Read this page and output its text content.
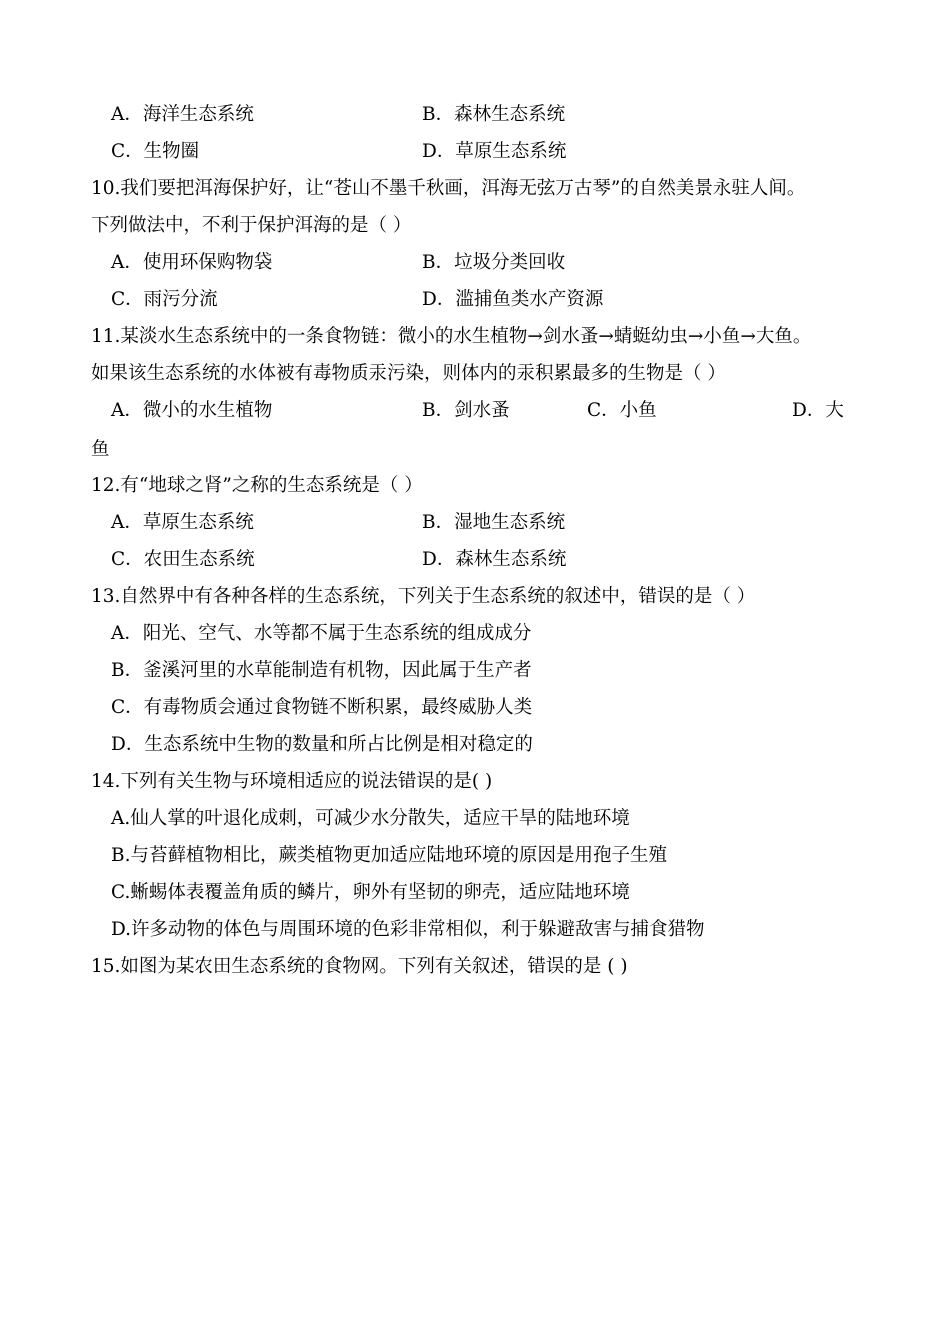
A．海洋生态系统	B．森林生态系统
C．生物圈	D．草原生态系统
10.我们要把洱海保护好，让“苍山不墨千秋画，洱海无弦万古琴”的自然美景永驻人间。
下列做法中，不利于保护洱海的是（ ）
A．使用环保购物袋	B．垃圾分类回收
C．雨污分流	D．滥捕鱼类水产资源
11.某淡水生态系统中的一条食物链：微小的水生植物→剑水蚤→蜻蜓幼虫→小鱼→大鱼。
如果该生态系统的水体被有毒物质汞污染，则体内的汞积累最多的生物是（ ）
A．微小的水生植物	B．剑水蚤	C．小鱼	D．大
鱼
12.有“地球之肾”之称的生态系统是（ ）
A．草原生态系统	B．湿地生态系统
C．农田生态系统	D．森林生态系统
13.自然界中有各种各样的生态系统，下列关于生态系统的叙述中，错误的是（ ）
A．阳光、空气、水等都不属于生态系统的组成成分
B．釜溪河里的水草能制造有机物，因此属于生产者
C．有毒物质会通过食物链不断积累，最终威胁人类
D．生态系统中生物的数量和所占比例是相对稳定的
14.下列有关生物与环境相适应的说法错误的是( )
A.仙人掌的叶退化成刺，可减少水分散失，适应干旱的陆地环境
B.与苔藓植物相比，蕨类植物更加适应陆地环境的原因是用孢子生殖
C.蜥蜴体表覆盖角质的鳞片，卵外有坚韧的卵壳，适应陆地环境
D.许多动物的体色与周围环境的色彩非常相似，利于躲避敌害与捕食猎物
15.如图为某农田生态系统的食物网。下列有关叙述，错误的是 ( )
